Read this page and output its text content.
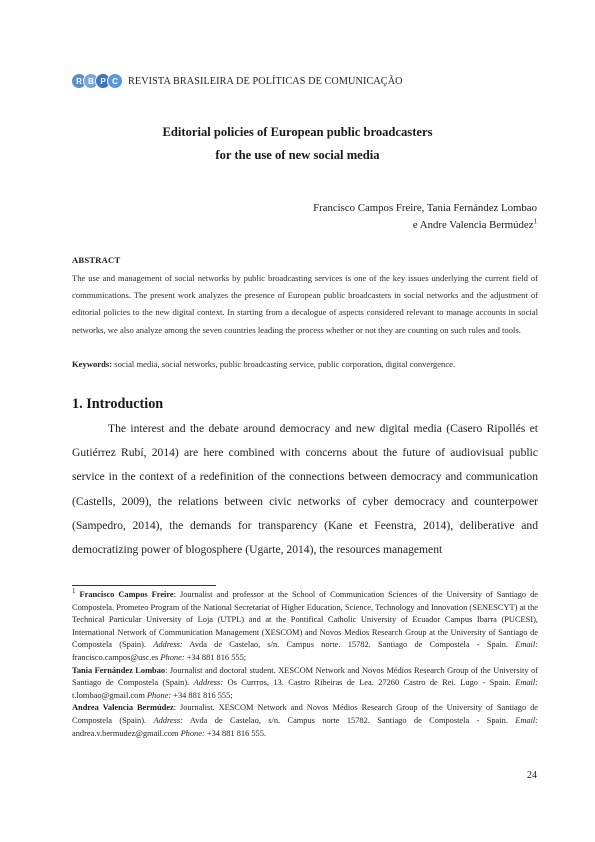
R B P C REVISTA BRASILEIRA DE POLÍTICAS DE COMUNICAÇÃO
Editorial policies of European public broadcasters
for the use of new social media
Francisco Campos Freire, Tania Fernández Lombao
e Andre Valencia Bermúdez$^1$
ABSTRACT
The use and management of social networks by public broadcasting services is one of the key issues underlying the current field of communications. The present work analyzes the presence of European public broadcasters in social networks and the adjustment of editorial policies to the new digital context. In starting from a decalogue of aspects considered relevant to manage accounts in social networks, we also analyze among the seven countries leading the process whether or not they are counting on such rules and tools.
Keywords: social media, social networks, public broadcasting service, public corporation, digital convergence.
1. Introduction
The interest and the debate around democracy and new digital media (Casero Ripollés et Gutiérrez Rubí, 2014) are here combined with concerns about the future of audiovisual public service in the context of a redefinition of the connections between democracy and communication (Castells, 2009), the relations between civic networks of cyber democracy and counterpower (Sampedro, 2014), the demands for transparency (Kane et Feenstra, 2014), deliberative and democratizing power of blogosphere (Ugarte, 2014), the resources management

$^1$ Francisco Campos Freire: Journalist and professor at the School of Communication Sciences of the University of Santiago de Compostela. Prometeo Program of the National Secretariat of Higher Education, Science, Technology and Innovation (SENESCYT) at the Technical Particular University of Loja (UTPL) and at the Pontifical Catholic University of Ecuador Campus Ibarra (PUCESI), International Network of Communication Management (XESCOM) and Novos Medios Research Group at the University of Santiago de Compostela (Spain). Address: Avda de Castelao, s/n. Campus norte. 15782. Santiago de Compostela - Spain. Email: francisco.campos@usc.es Phone: +34 881 816 555;

Tania Fernández Lombao: Journalist and doctoral student. XESCOM Network and Novos Médios Research Group of the University of Santiago de Compostela (Spain). Address: Os Currros, 13. Castro Ribeiras de Lea. 27260 Castro de Rei. Lugo - Spain. Email: t.lombao@gmail.com Phone: +34 881 816 555;

Andrea Valencia Bermúdez: Journalist. XESCOM Network and Novos Médios Research Group of the University of Santiago de Compostela (Spain). Address: Avda de Castelao, s/n. Campus norte 15782. Santiago de Compostela - Spain. Email: andrea.v.bermudez@gmail.com Phone: +34 881 816 555.

24
